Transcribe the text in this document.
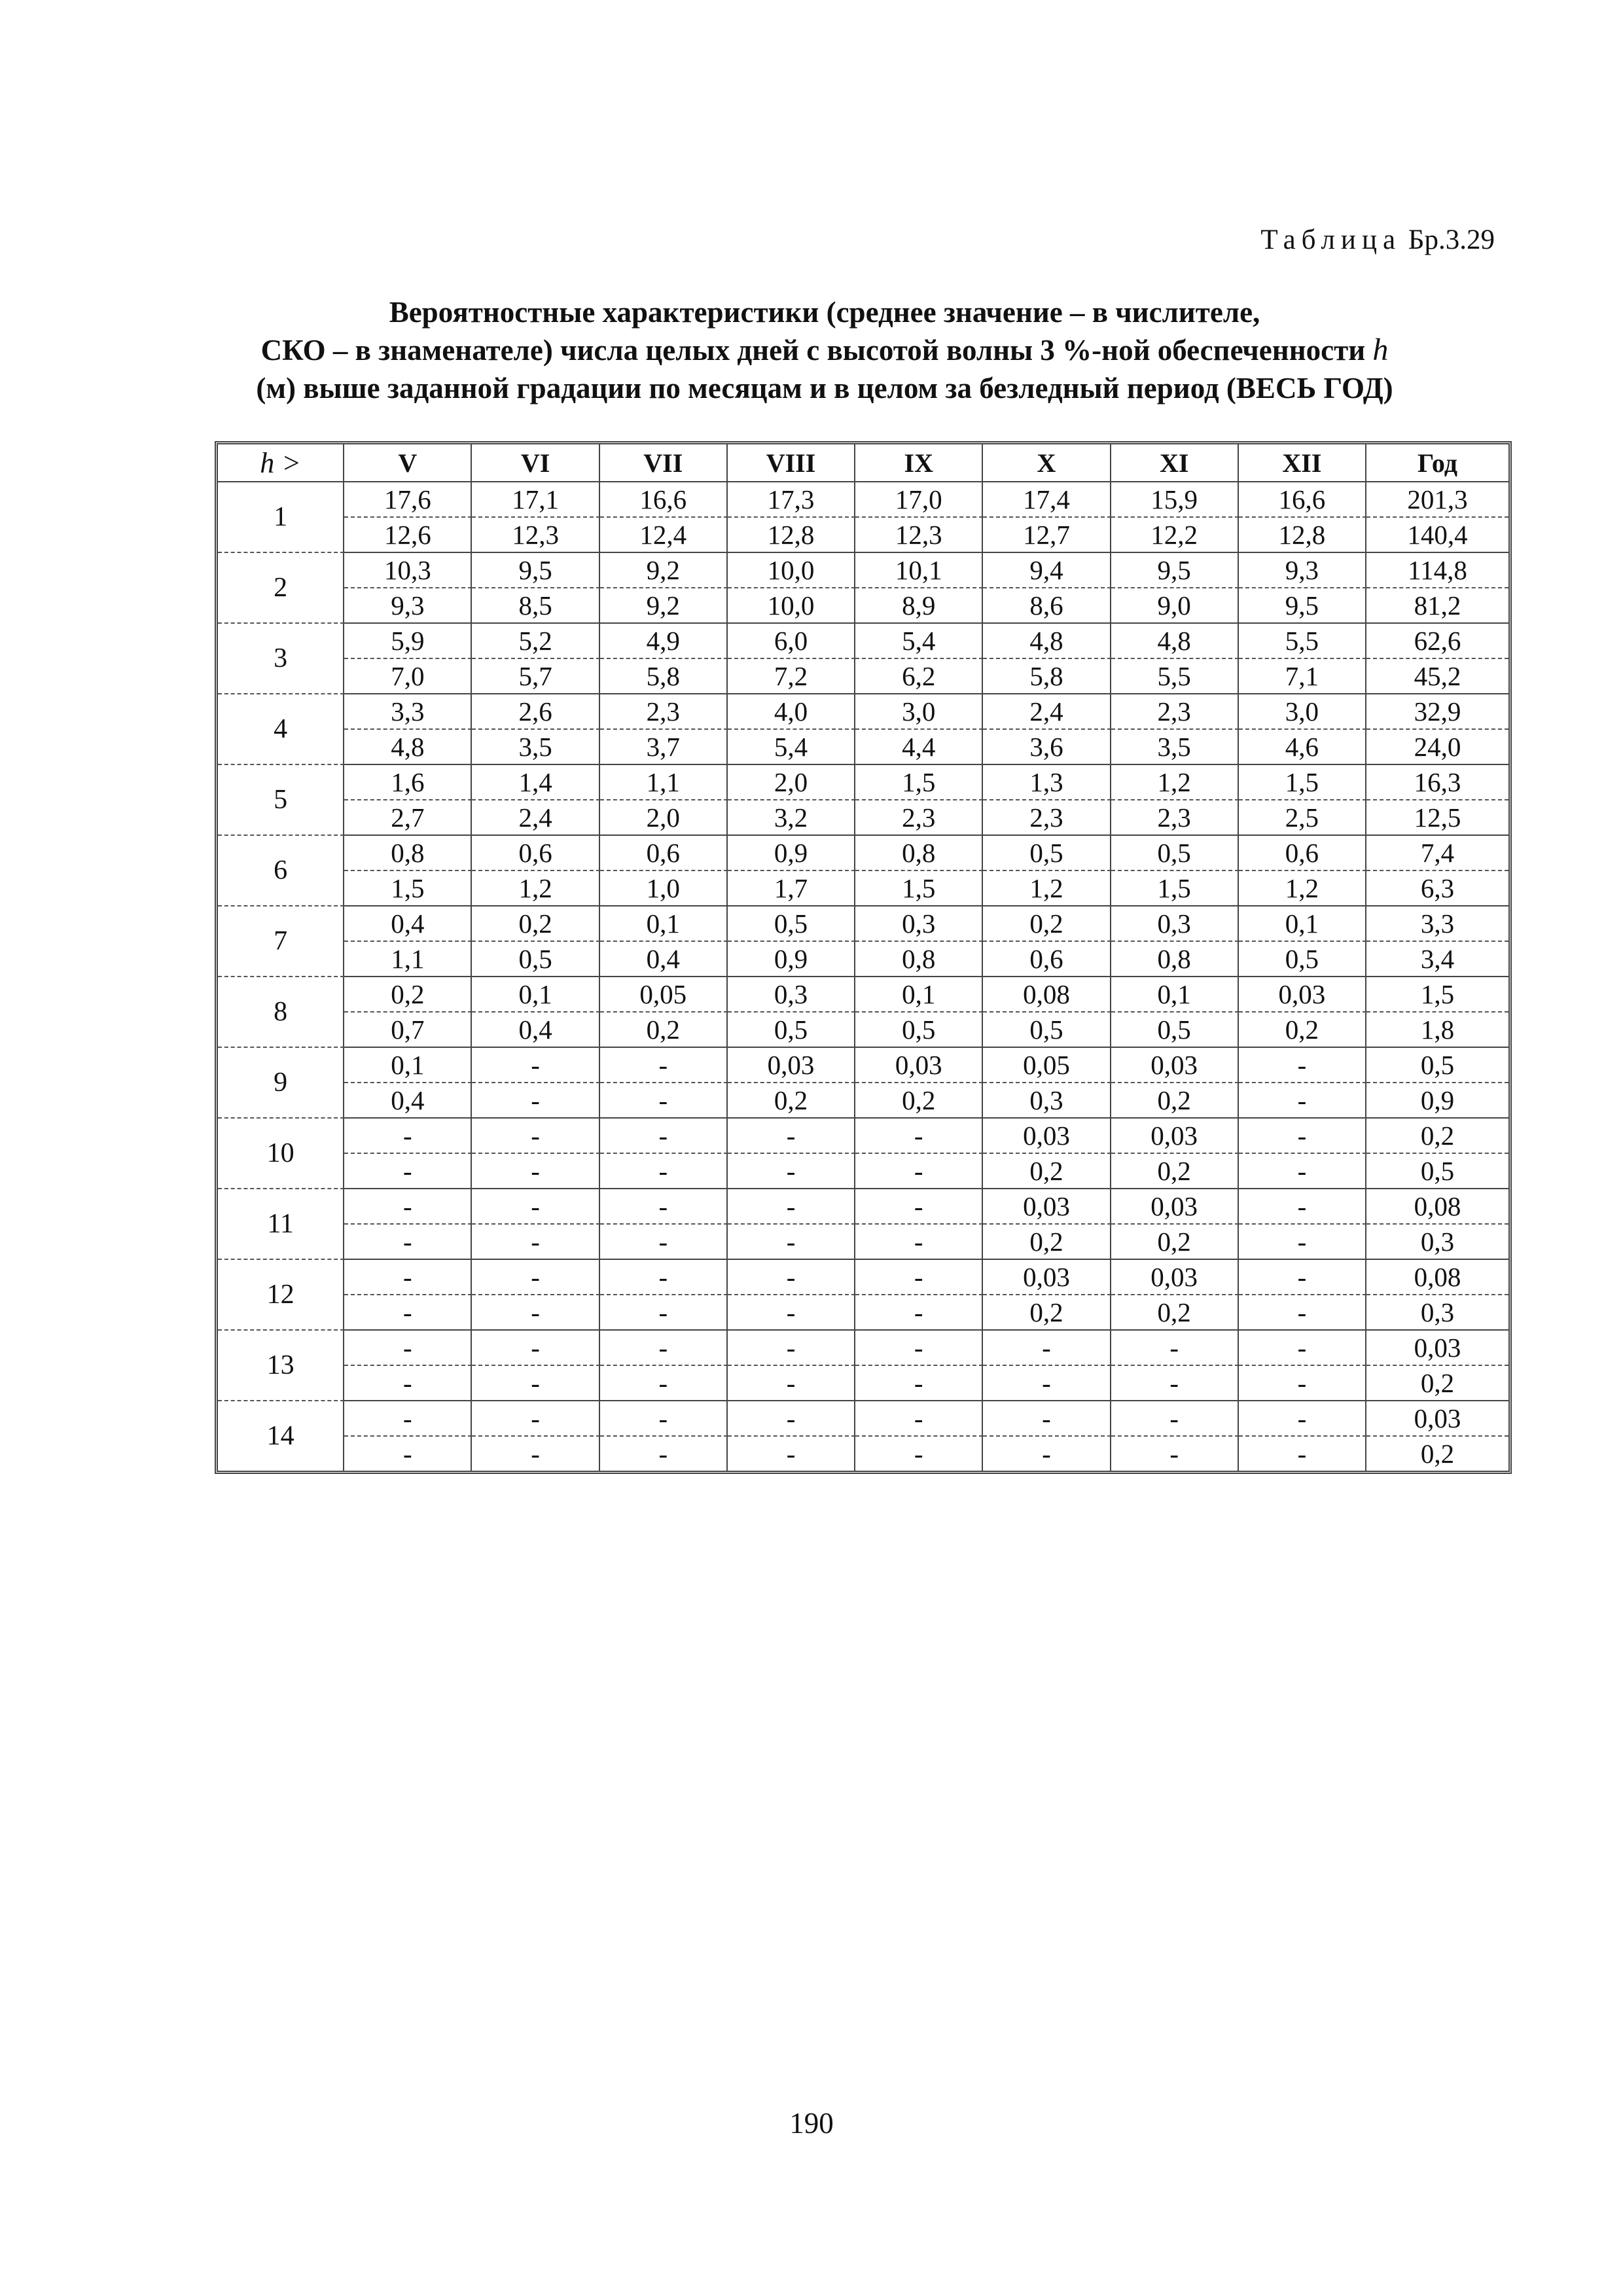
Таблица Бр.3.29
Вероятностные характеристики (среднее значение – в числителе,
СКО – в знаменателе) числа целых дней с высотой волны 3 %-ной обеспеченности h
(м) выше заданной градации по месяцам и в целом за безледный период (ВЕСЬ ГОД)
h >	V	VI	VII	VIII	IX	X	XI	XII	Год
1	17,6	17,1	16,6	17,3	17,0	17,4	15,9	16,6	201,3
	12,6	12,3	12,4	12,8	12,3	12,7	12,2	12,8	140,4
2	10,3	9,5	9,2	10,0	10,1	9,4	9,5	9,3	114,8
	9,3	8,5	9,2	10,0	8,9	8,6	9,0	9,5	81,2
3	5,9	5,2	4,9	6,0	5,4	4,8	4,8	5,5	62,6
	7,0	5,7	5,8	7,2	6,2	5,8	5,5	7,1	45,2
4	3,3	2,6	2,3	4,0	3,0	2,4	2,3	3,0	32,9
	4,8	3,5	3,7	5,4	4,4	3,6	3,5	4,6	24,0
5	1,6	1,4	1,1	2,0	1,5	1,3	1,2	1,5	16,3
	2,7	2,4	2,0	3,2	2,3	2,3	2,3	2,5	12,5
6	0,8	0,6	0,6	0,9	0,8	0,5	0,5	0,6	7,4
	1,5	1,2	1,0	1,7	1,5	1,2	1,5	1,2	6,3
7	0,4	0,2	0,1	0,5	0,3	0,2	0,3	0,1	3,3
	1,1	0,5	0,4	0,9	0,8	0,6	0,8	0,5	3,4
8	0,2	0,1	0,05	0,3	0,1	0,08	0,1	0,03	1,5
	0,7	0,4	0,2	0,5	0,5	0,5	0,5	0,2	1,8
9	0,1	-	-	0,03	0,03	0,05	0,03	-	0,5
	0,4	-	-	0,2	0,2	0,3	0,2	-	0,9
10	-	-	-	-	-	0,03	0,03	-	0,2
	-	-	-	-	-	0,2	0,2	-	0,5
11	-	-	-	-	-	0,03	0,03	-	0,08
	-	-	-	-	-	0,2	0,2	-	0,3
12	-	-	-	-	-	0,03	0,03	-	0,08
	-	-	-	-	-	0,2	0,2	-	0,3
13	-	-	-	-	-	-	-	-	0,03
	-	-	-	-	-	-	-	-	0,2
14	-	-	-	-	-	-	-	-	0,03
	-	-	-	-	-	-	-	-	0,2
190
